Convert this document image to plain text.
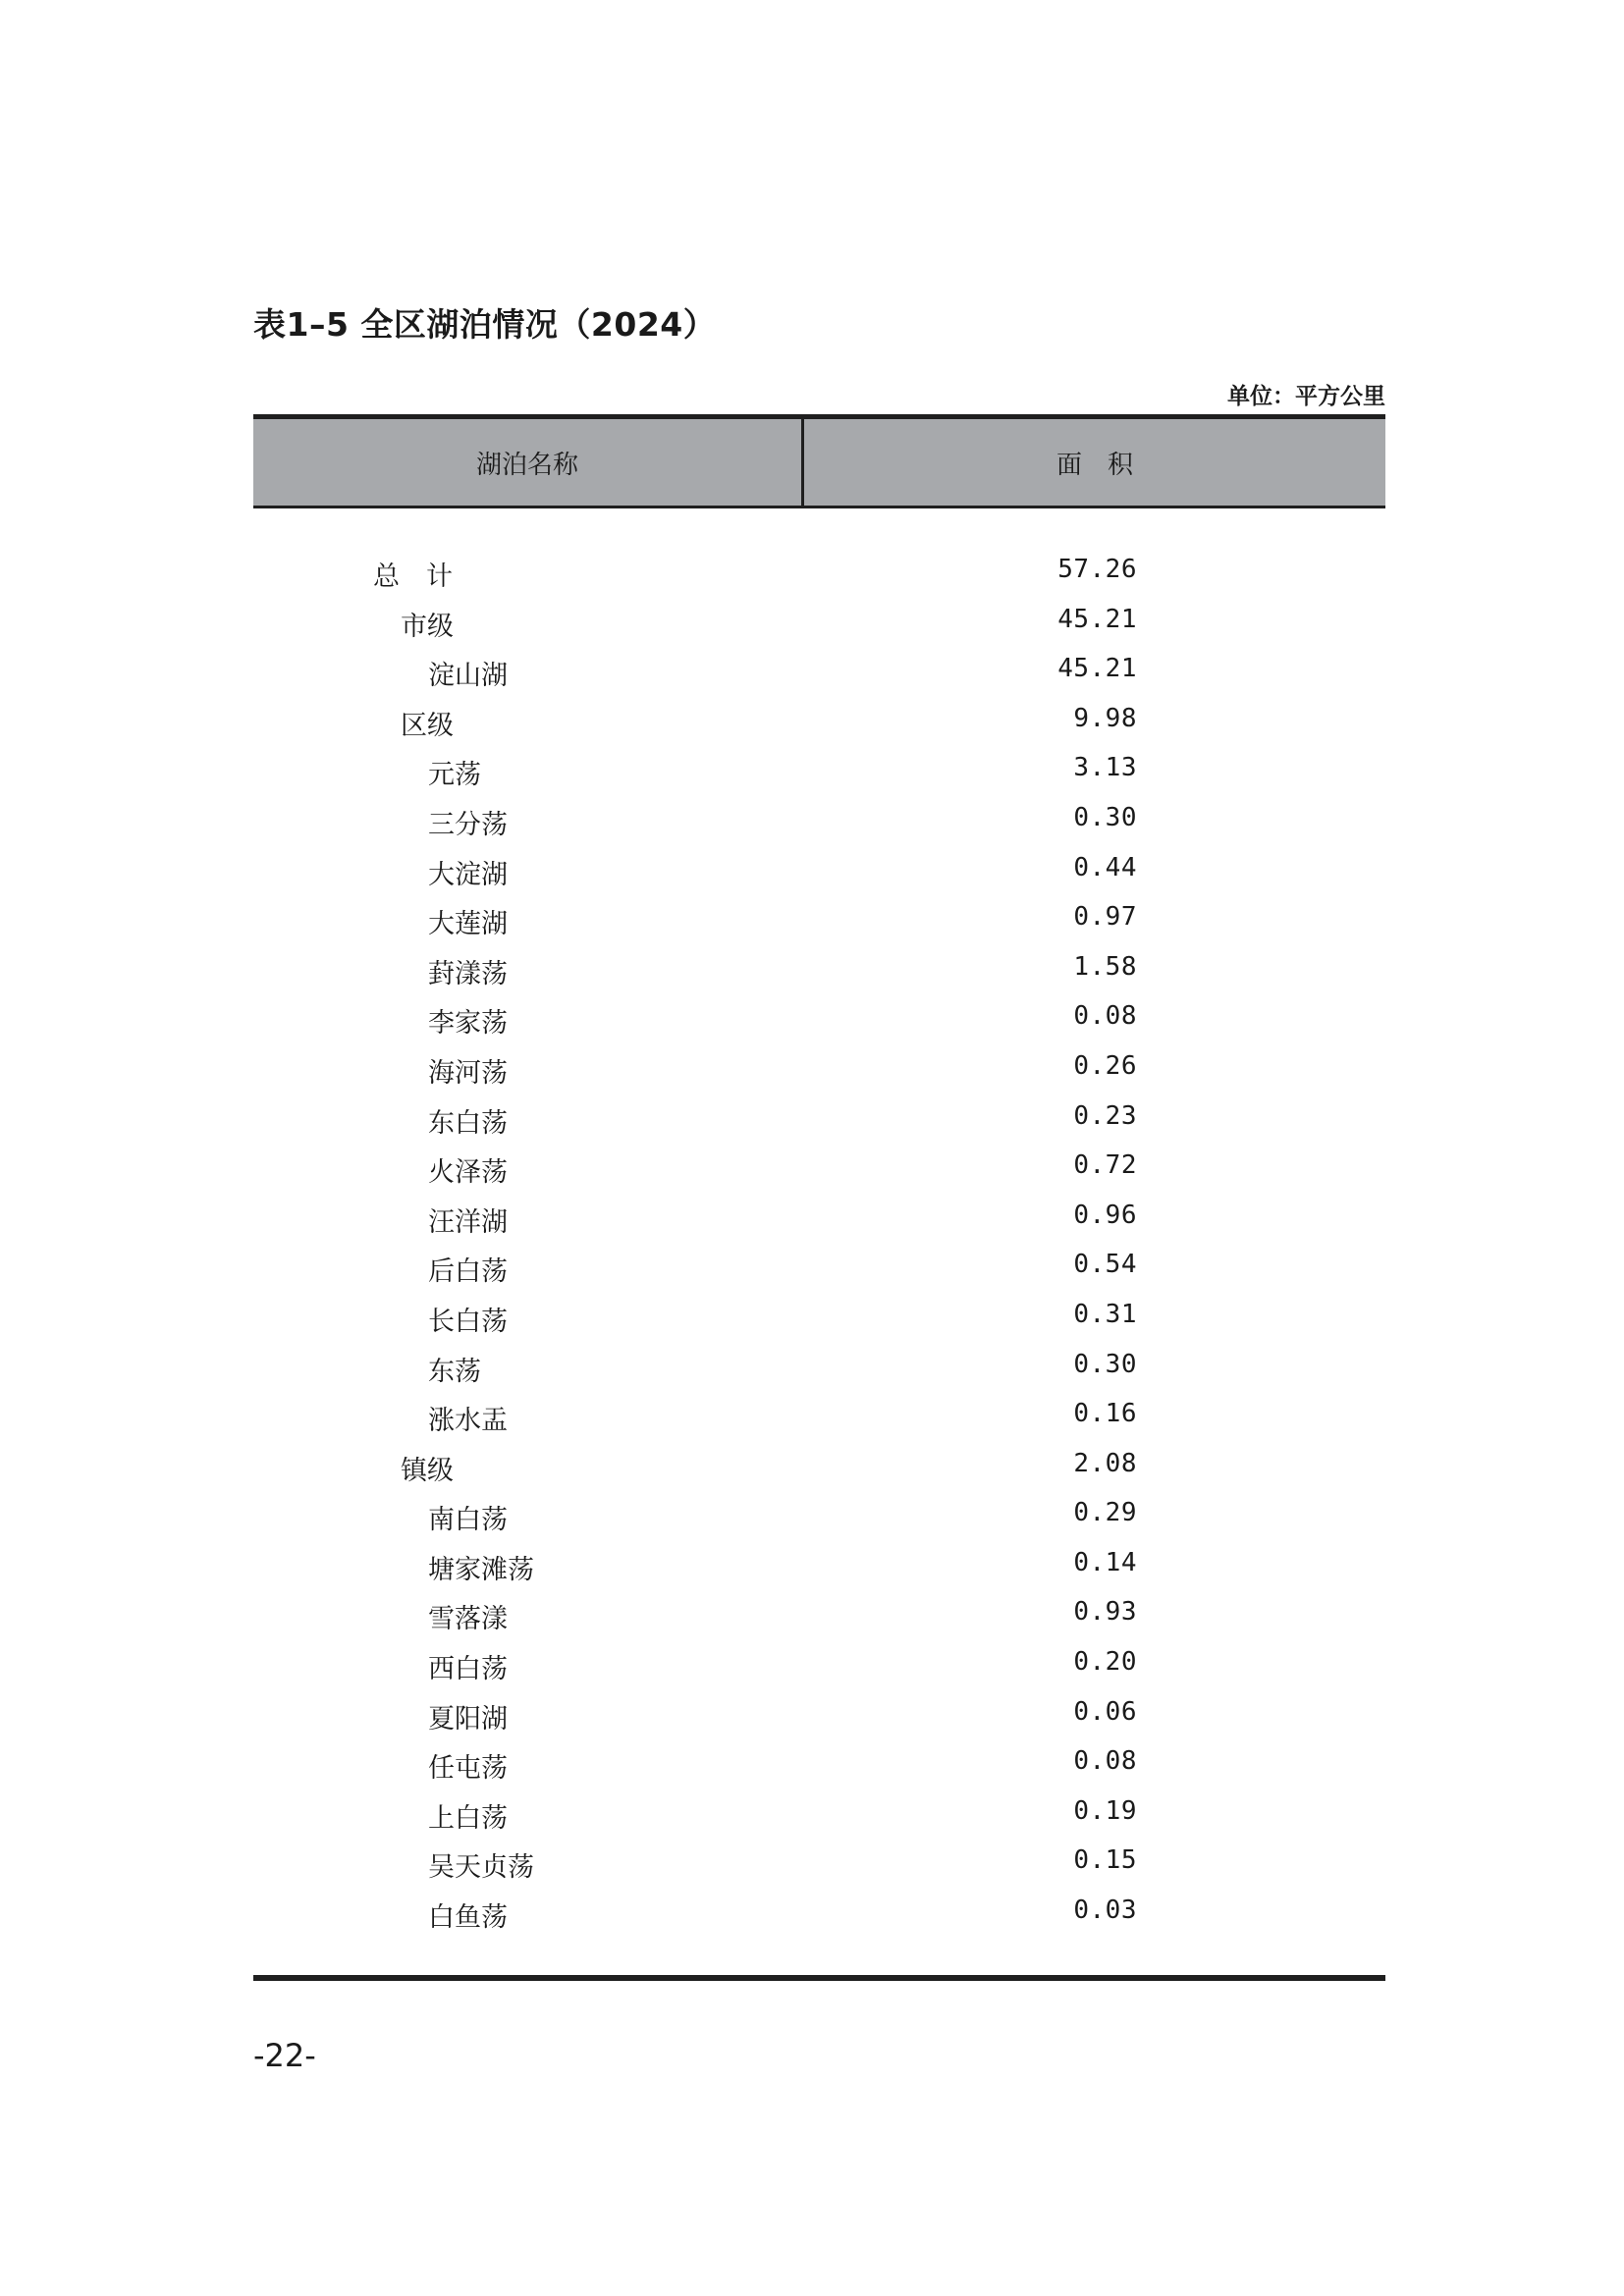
表1–5 全区湖泊情况（2024）
单位：平方公里
湖泊名称	面　积
总　计	57.26
市级	45.21
淀山湖	45.21
区级	9.98
元荡	3.13
三分荡	0.30
大淀湖	0.44
大莲湖	0.97
葑漾荡	1.58
李家荡	0.08
海河荡	0.26
东白荡	0.23
火泽荡	0.72
汪洋湖	0.96
后白荡	0.54
长白荡	0.31
东荡	0.30
涨水盂	0.16
镇级	2.08
南白荡	0.29
塘家滩荡	0.14
雪落漾	0.93
西白荡	0.20
夏阳湖	0.06
任屯荡	0.08
上白荡	0.19
吴天贞荡	0.15
白鱼荡	0.03
-22-
